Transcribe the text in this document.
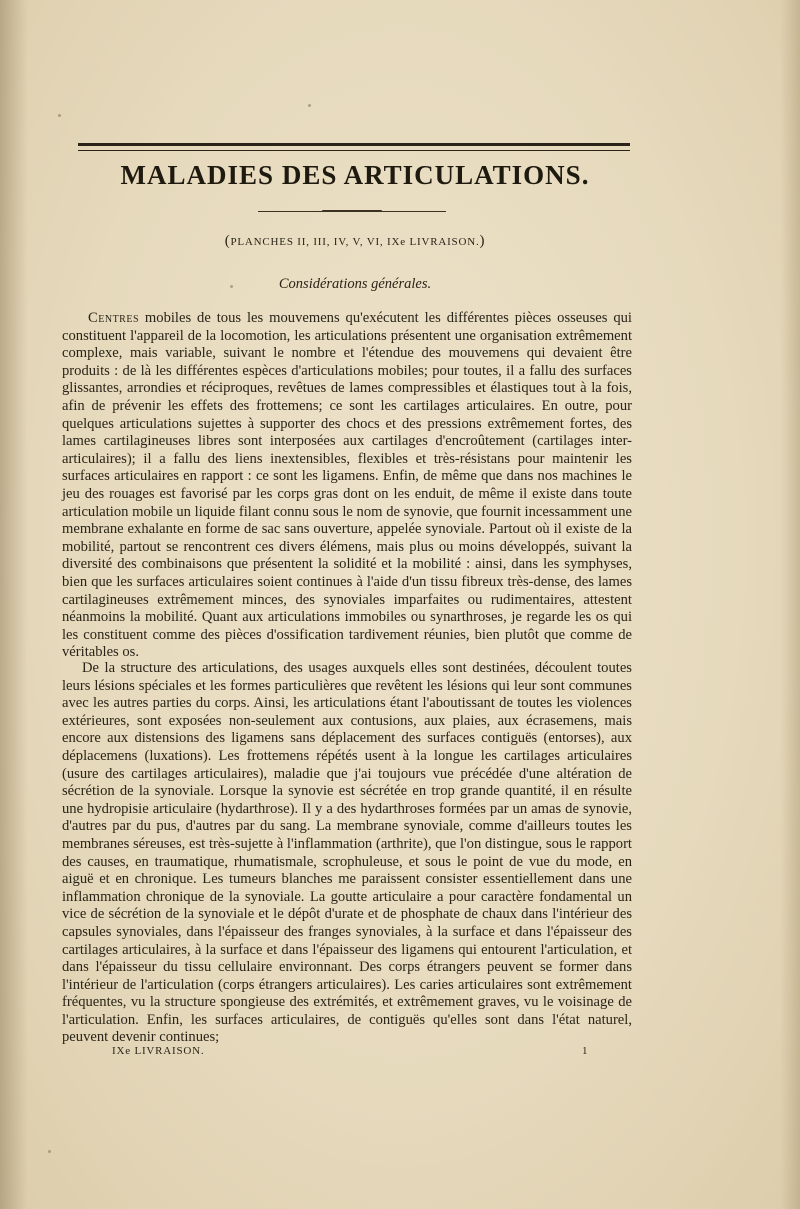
MALADIES DES ARTICULATIONS.
(PLANCHES II, III, IV, V, VI, IXe LIVRAISON.)
Considérations générales.
Centres mobiles de tous les mouvemens qu'exécutent les différentes pièces osseuses qui constituent l'appareil de la locomotion, les articulations présentent une organisation extrêmement complexe, mais variable, suivant le nombre et l'étendue des mouvemens qui devaient être produits : de là les différentes espèces d'articulations mobiles; pour toutes, il a fallu des surfaces glissantes, arrondies et réciproques, revêtues de lames compressibles et élastiques tout à la fois, afin de prévenir les effets des frottemens; ce sont les cartilages articulaires. En outre, pour quelques articulations sujettes à supporter des chocs et des pressions extrêmement fortes, des lames cartilagineuses libres sont interposées aux cartilages d'encroûtement (cartilages inter-articulaires); il a fallu des liens inextensibles, flexibles et très-résistans pour maintenir les surfaces articulaires en rapport : ce sont les ligamens. Enfin, de même que dans nos machines le jeu des rouages est favorisé par les corps gras dont on les enduit, de même il existe dans toute articulation mobile un liquide filant connu sous le nom de synovie, que fournit incessamment une membrane exhalante en forme de sac sans ouverture, appelée synoviale. Partout où il existe de la mobilité, partout se rencontrent ces divers élémens, mais plus ou moins développés, suivant la diversité des combinaisons que présentent la solidité et la mobilité : ainsi, dans les symphyses, bien que les surfaces articulaires soient continues à l'aide d'un tissu fibreux très-dense, des lames cartilagineuses extrêmement minces, des synoviales imparfaites ou rudimentaires, attestent néanmoins la mobilité. Quant aux articulations immobiles ou synarthroses, je regarde les os qui les constituent comme des pièces d'ossification tardivement réunies, bien plutôt que comme de véritables os.
De la structure des articulations, des usages auxquels elles sont destinées, découlent toutes leurs lésions spéciales et les formes particulières que revêtent les lésions qui leur sont communes avec les autres parties du corps. Ainsi, les articulations étant l'aboutissant de toutes les violences extérieures, sont exposées non-seulement aux contusions, aux plaies, aux écrasemens, mais encore aux distensions des ligamens sans déplacement des surfaces contiguës (entorses), aux déplacemens (luxations). Les frottemens répétés usent à la longue les cartilages articulaires (usure des cartilages articulaires), maladie que j'ai toujours vue précédée d'une altération de sécrétion de la synoviale. Lorsque la synovie est sécrétée en trop grande quantité, il en résulte une hydropisie articulaire (hydarthrose). Il y a des hydarthroses formées par un amas de synovie, d'autres par du pus, d'autres par du sang. La membrane synoviale, comme d'ailleurs toutes les membranes séreuses, est très-sujette à l'inflammation (arthrite), que l'on distingue, sous le rapport des causes, en traumatique, rhumatismale, scrophuleuse, et sous le point de vue du mode, en aiguë et en chronique. Les tumeurs blanches me paraissent consister essentiellement dans une inflammation chronique de la synoviale. La goutte articulaire a pour caractère fondamental un vice de sécrétion de la synoviale et le dépôt d'urate et de phosphate de chaux dans l'intérieur des capsules synoviales, dans l'épaisseur des franges synoviales, à la surface et dans l'épaisseur des cartilages articulaires, à la surface et dans l'épaisseur des ligamens qui entourent l'articulation, et dans l'épaisseur du tissu cellulaire environnant. Des corps étrangers peuvent se former dans l'intérieur de l'articulation (corps étrangers articulaires). Les caries articulaires sont extrêmement fréquentes, vu la structure spongieuse des extrémités, et extrêmement graves, vu le voisinage de l'articulation. Enfin, les surfaces articulaires, de contiguës qu'elles sont dans l'état naturel, peuvent devenir continues;
IXe LIVRAISON.	1
